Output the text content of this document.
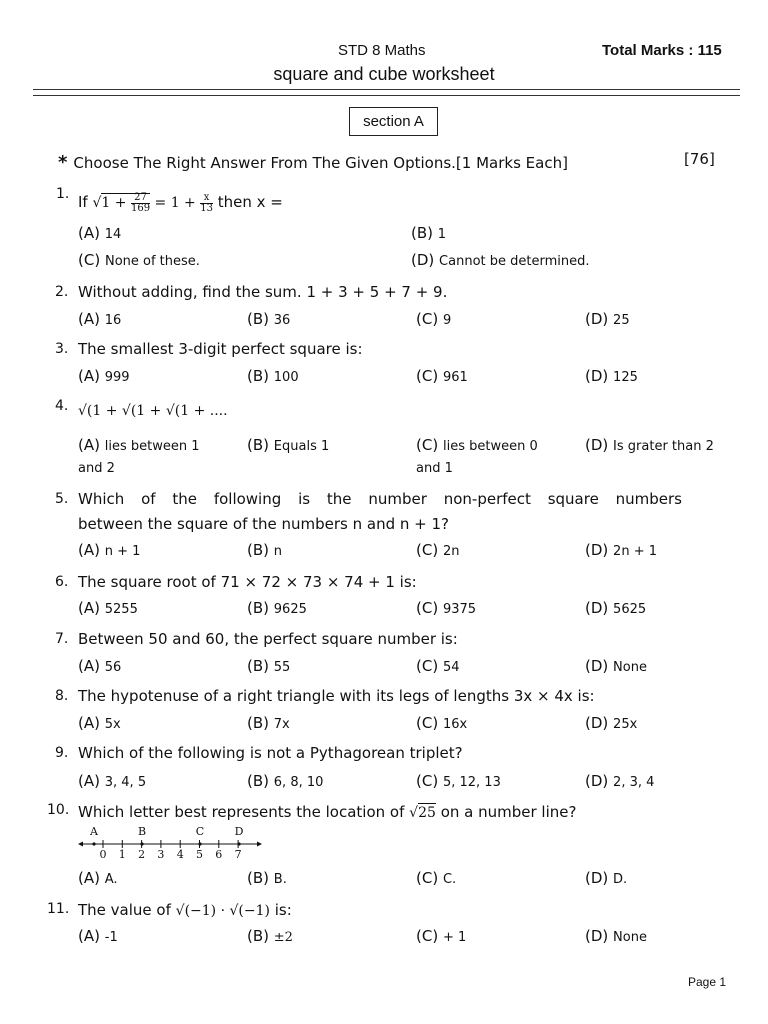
STD 8 Maths	Total Marks : 115
square and cube worksheet
section A
* Choose The Right Answer From The Given Options.[1 Marks Each]	[76]
1. If $√1 + \frac{27}{169} = 1 + \frac{x}{13}$ then x =
(A) 14	(B) 1
(C) None of these.	(D) Cannot be determined.
2. Without adding, find the sum. 1 + 3 + 5 + 7 + 9.
(A) 16	(B) 36	(C) 9	(D) 25
3. The smallest 3-digit perfect square is:
(A) 999	(B) 100	(C) 961	(D) 125
4. √(1 + √(1 + √(1 + ....
(A) lies between 1
and 2
(B) Equals 1	(C) lies between 0
and 1
(D) Is grater than 2
5. Which of the following is the number non-perfect square numbers
between the square of the numbers n and n + 1?
(A) n + 1	(B) n	(C) 2n	(D) 2n + 1
6. The square root of 71 × 72 × 73 × 74 + 1 is:
(A) 5255	(B) 9625	(C) 9375	(D) 5625
7. Between 50 and 60, the perfect square number is:
(A) 56	(B) 55	(C) 54	(D) None
8. The hypotenuse of a right triangle with its legs of lengths 3x × 4x is:
(A) 5x	(B) 7x	(C) 16x	(D) 25x
9. Which of the following is not a Pythagorean triplet?
(A) 3, 4, 5	(B) 6, 8, 10	(C) 5, 12, 13	(D) 2, 3, 4
10. Which letter best represents the location of √25 on a number line?
A	B	C	D
0 1 2 3 4 5 6 7
(A) A.	(B) B.	(C) C.	(D) D.
11. The value of √(−1) · √(−1) is:
(A) -1	(B) ±2	(C) + 1	(D) None
Page 1
